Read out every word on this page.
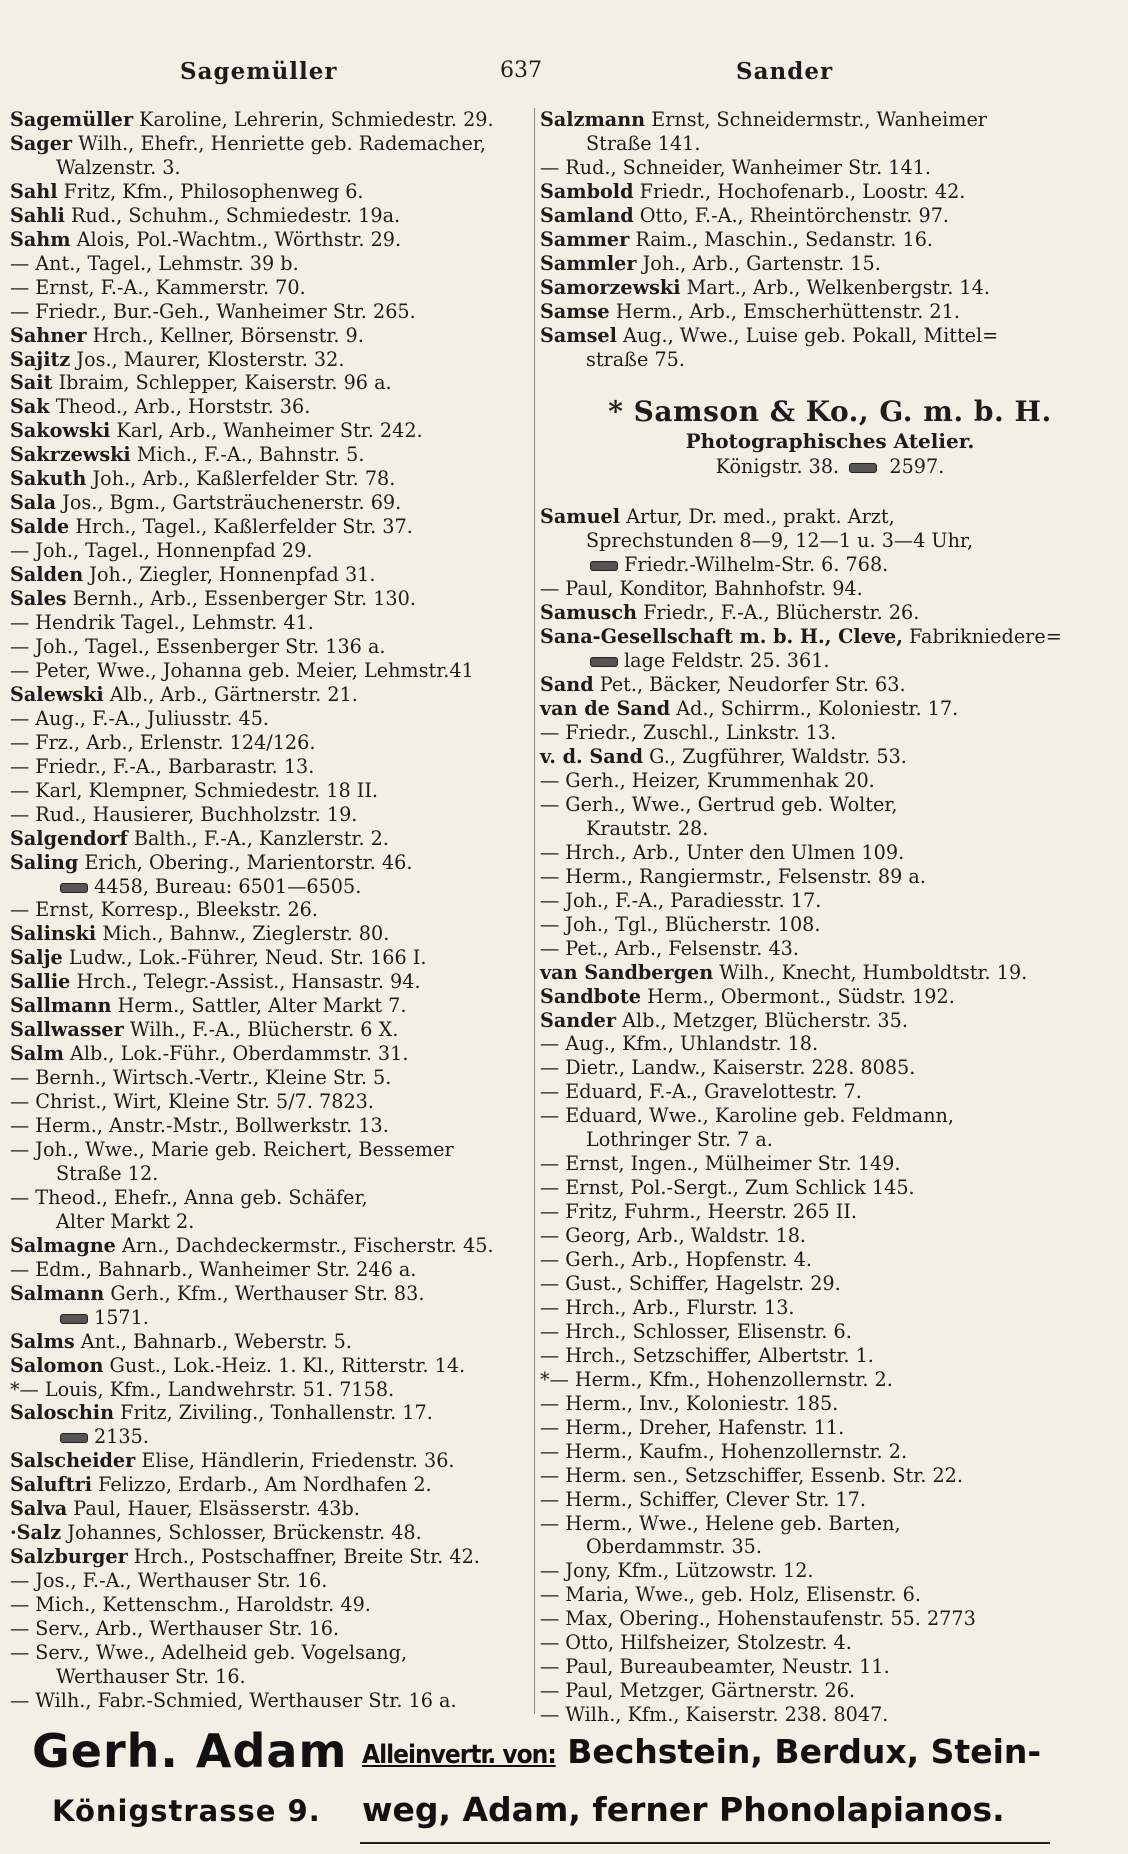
Sagemüller	637	Sander
Sagemüller Karoline, Lehrerin, Schmiedestr. 29.
Sager Wilh., Ehefr., Henriette geb. Rademacher,
Walzenstr. 3.
Sahl Fritz, Kfm., Philosophenweg 6.
Sahli Rud., Schuhm., Schmiedestr. 19a.
Sahm Alois, Pol.-Wachtm., Wörthstr. 29.
— Ant., Tagel., Lehmstr. 39 b.
— Ernst, F.-A., Kammerstr. 70.
— Friedr., Bur.-Geh., Wanheimer Str. 265.
Sahner Hrch., Kellner, Börsenstr. 9.
Sajitz Jos., Maurer, Klosterstr. 32.
Sait Ibraim, Schlepper, Kaiserstr. 96 a.
Sak Theod., Arb., Horststr. 36.
Sakowski Karl, Arb., Wanheimer Str. 242.
Sakrzewski Mich., F.-A., Bahnstr. 5.
Sakuth Joh., Arb., Kaßlerfelder Str. 78.
Sala Jos., Bgm., Gartsträuchenerstr. 69.
Salde Hrch., Tagel., Kaßlerfelder Str. 37.
— Joh., Tagel., Honnenpfad 29.
Salden Joh., Ziegler, Honnenpfad 31.
Sales Bernh., Arb., Essenberger Str. 130.
— Hendrik Tagel., Lehmstr. 41.
— Joh., Tagel., Essenberger Str. 136 a.
— Peter, Wwe., Johanna geb. Meier, Lehmstr.41
Salewski Alb., Arb., Gärtnerstr. 21.
— Aug., F.-A., Juliusstr. 45.
— Frz., Arb., Erlenstr. 124/126.
— Friedr., F.-A., Barbarastr. 13.
— Karl, Klempner, Schmiedestr. 18 II.
— Rud., Hausierer, Buchholzstr. 19.
Salgendorf Balth., F.-A., Kanzlerstr. 2.
Saling Erich, Obering., Marientorstr. 46.
4458, Bureau: 6501—6505.
— Ernst, Korresp., Bleekstr. 26.
Salinski Mich., Bahnw., Zieglerstr. 80.
Salje Ludw., Lok.-Führer, Neud. Str. 166 I.
Sallie Hrch., Telegr.-Assist., Hansastr. 94.
Sallmann Herm., Sattler, Alter Markt 7.
Sallwasser Wilh., F.-A., Blücherstr. 6 X.
Salm Alb., Lok.-Führ., Oberdammstr. 31.
— Bernh., Wirtsch.-Vertr., Kleine Str. 5.
— Christ., Wirt, Kleine Str. 5/7. 7823.
— Herm., Anstr.-Mstr., Bollwerkstr. 13.
— Joh., Wwe., Marie geb. Reichert, Bessemer
Straße 12.
— Theod., Ehefr., Anna geb. Schäfer,
Alter Markt 2.
Salmagne Arn., Dachdeckermstr., Fischerstr. 45.
— Edm., Bahnarb., Wanheimer Str. 246 a.
Salmann Gerh., Kfm., Werthauser Str. 83.
1571.
Salms Ant., Bahnarb., Weberstr. 5.
Salomon Gust., Lok.-Heiz. 1. Kl., Ritterstr. 14.
*— Louis, Kfm., Landwehrstr. 51. 7158.
Saloschin Fritz, Ziviling., Tonhallenstr. 17.
2135.
Salscheider Elise, Händlerin, Friedenstr. 36.
Saluftri Felizzo, Erdarb., Am Nordhafen 2.
Salva Paul, Hauer, Elsässerstr. 43b.
·Salz Johannes, Schlosser, Brückenstr. 48.
Salzburger Hrch., Postschaffner, Breite Str. 42.
— Jos., F.-A., Werthauser Str. 16.
— Mich., Kettenschm., Haroldstr. 49.
— Serv., Arb., Werthauser Str. 16.
— Serv., Wwe., Adelheid geb. Vogelsang,
Werthauser Str. 16.
— Wilh., Fabr.-Schmied, Werthauser Str. 16 a.
Salzmann Ernst, Schneidermstr., Wanheimer
Straße 141.
— Rud., Schneider, Wanheimer Str. 141.
Sambold Friedr., Hochofenarb., Loostr. 42.
Samland Otto, F.-A., Rheintörchenstr. 97.
Sammer Raim., Maschin., Sedanstr. 16.
Sammler Joh., Arb., Gartenstr. 15.
Samorzewski Mart., Arb., Welkenbergstr. 14.
Samse Herm., Arb., Emscherhüttenstr. 21.
Samsel Aug., Wwe., Luise geb. Pokall, Mittel=
straße 75.
* Samson & Ko., G. m. b. H.
Photographisches Atelier.
Königstr. 38.	2597.
Samuel Artur, Dr. med., prakt. Arzt,
Sprechstunden 8—9, 12—1 u. 3—4 Uhr,
Friedr.-Wilhelm-Str. 6. 768.
— Paul, Konditor, Bahnhofstr. 94.
Samusch Friedr., F.-A., Blücherstr. 26.
Sana-Gesellschaft m. b. H., Cleve, Fabrikniederе=
lage Feldstr. 25. 361.
Sand Pet., Bäcker, Neudorfer Str. 63.
van de Sand Ad., Schirrm., Koloniestr. 17.
— Friedr., Zuschl., Linkstr. 13.
v. d. Sand G., Zugführer, Waldstr. 53.
— Gerh., Heizer, Krummenhak 20.
— Gerh., Wwe., Gertrud geb. Wolter,
Krautstr. 28.
— Hrch., Arb., Unter den Ulmen 109.
— Herm., Rangiermstr., Felsenstr. 89 a.
— Joh., F.-A., Paradiesstr. 17.
— Joh., Tgl., Blücherstr. 108.
— Pet., Arb., Felsenstr. 43.
van Sandbergen Wilh., Knecht, Humboldtstr. 19.
Sandbote Herm., Obermont., Südstr. 192.
Sander Alb., Metzger, Blücherstr. 35.
— Aug., Kfm., Uhlandstr. 18.
— Dietr., Landw., Kaiserstr. 228. 8085.
— Eduard, F.-A., Gravelottestr. 7.
— Eduard, Wwe., Karoline geb. Feldmann,
Lothringer Str. 7 a.
— Ernst, Ingen., Mülheimer Str. 149.
— Ernst, Pol.-Sergt., Zum Schlick 145.
— Fritz, Fuhrm., Heerstr. 265 II.
— Georg, Arb., Waldstr. 18.
— Gerh., Arb., Hopfenstr. 4.
— Gust., Schiffer, Hagelstr. 29.
— Hrch., Arb., Flurstr. 13.
— Hrch., Schlosser, Elisenstr. 6.
— Hrch., Setzschiffer, Albertstr. 1.
*— Herm., Kfm., Hohenzollernstr. 2.
— Herm., Inv., Koloniestr. 185.
— Herm., Dreher, Hafenstr. 11.
— Herm., Kaufm., Hohenzollernstr. 2.
— Herm. sen., Setzschiffer, Essenb. Str. 22.
— Herm., Schiffer, Clever Str. 17.
— Herm., Wwe., Helene geb. Barten,
Oberdammstr. 35.
— Jony, Kfm., Lützowstr. 12.
— Maria, Wwe., geb. Holz, Elisenstr. 6.
— Max, Obering., Hohenstaufenstr. 55. 2773
— Otto, Hilfsheizer, Stolzestr. 4.
— Paul, Bureaubeamter, Neustr. 11.
— Paul, Metzger, Gärtnerstr. 26.
— Wilh., Kfm., Kaiserstr. 238. 8047.
Gerh. Adam
Königstrasse 9.
Alleinvertr. von: Bechstein, Berdux, Stein-
weg, Adam, ferner Phonolapianos.
